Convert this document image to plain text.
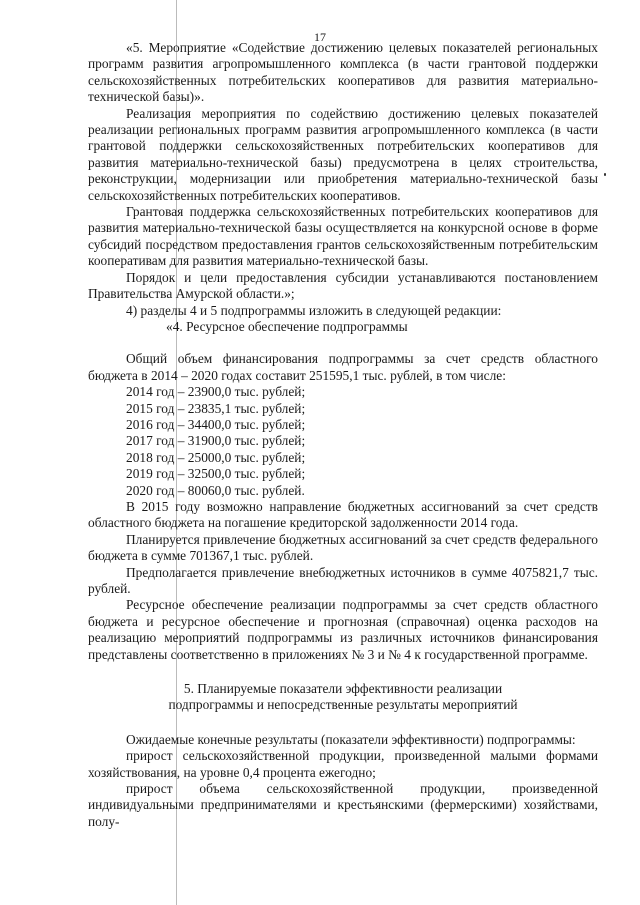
17

«5. Мероприятие «Содействие достижению целевых показателей региональных программ развития агропромышленного комплекса (в части грантовой поддержки сельскохозяйственных потребительских кооперативов для развития материально-технической базы)».

Реализация мероприятия по содействию достижению целевых показателей реализации региональных программ развития агропромышленного комплекса (в части грантовой поддержки сельскохозяйственных потребительских кооперативов для развития материально-технической базы) предусмотрена в целях строительства, реконструкции, модернизации или приобретения материально-технической базы сельскохозяйственных потребительских кооперативов.

Грантовая поддержка сельскохозяйственных потребительских кооперативов для развития материально-технической базы осуществляется на конкурсной основе в форме субсидий посредством предоставления грантов сельскохозяйственным потребительским кооперативам для развития материально-технической базы.

Порядок и цели предоставления субсидии устанавливаются постановлением Правительства Амурской области.»;

4) разделы 4 и 5 подпрограммы изложить в следующей редакции:

«4. Ресурсное обеспечение подпрограммы

Общий объем финансирования подпрограммы за счет средств областного бюджета в 2014 – 2020 годах составит 251595,1 тыс. рублей, в том числе:

2014 год – 23900,0 тыс. рублей;

2015 год – 23835,1 тыс. рублей;

2016 год – 34400,0 тыс. рублей;

2017 год – 31900,0 тыс. рублей;

2018 год – 25000,0 тыс. рублей;

2019 год – 32500,0 тыс. рублей;

2020 год – 80060,0 тыс. рублей.

В 2015 году возможно направление бюджетных ассигнований за счет средств областного бюджета на погашение кредиторской задолженности 2014 года.

Планируется привлечение бюджетных ассигнований за счет средств федерального бюджета в сумме 701367,1 тыс. рублей.

Предполагается привлечение внебюджетных источников в сумме 4075821,7 тыс. рублей.

Ресурсное обеспечение реализации подпрограммы за счет средств областного бюджета и ресурсное обеспечение и прогнозная (справочная) оценка расходов на реализацию мероприятий подпрограммы из различных источников финансирования представлены соответственно в приложениях № 3 и № 4 к государственной программе.

5. Планируемые показатели эффективности реализации

подпрограммы и непосредственные результаты мероприятий

Ожидаемые конечные результаты (показатели эффективности) подпрограммы:

прирост сельскохозяйственной продукции, произведенной малыми формами хозяйствования, на уровне 0,4 процента ежегодно;

прирост объема сельскохозяйственной продукции, произведенной индивидуальными предпринимателями и крестьянскими (фермерскими) хозяйствами, полу-
